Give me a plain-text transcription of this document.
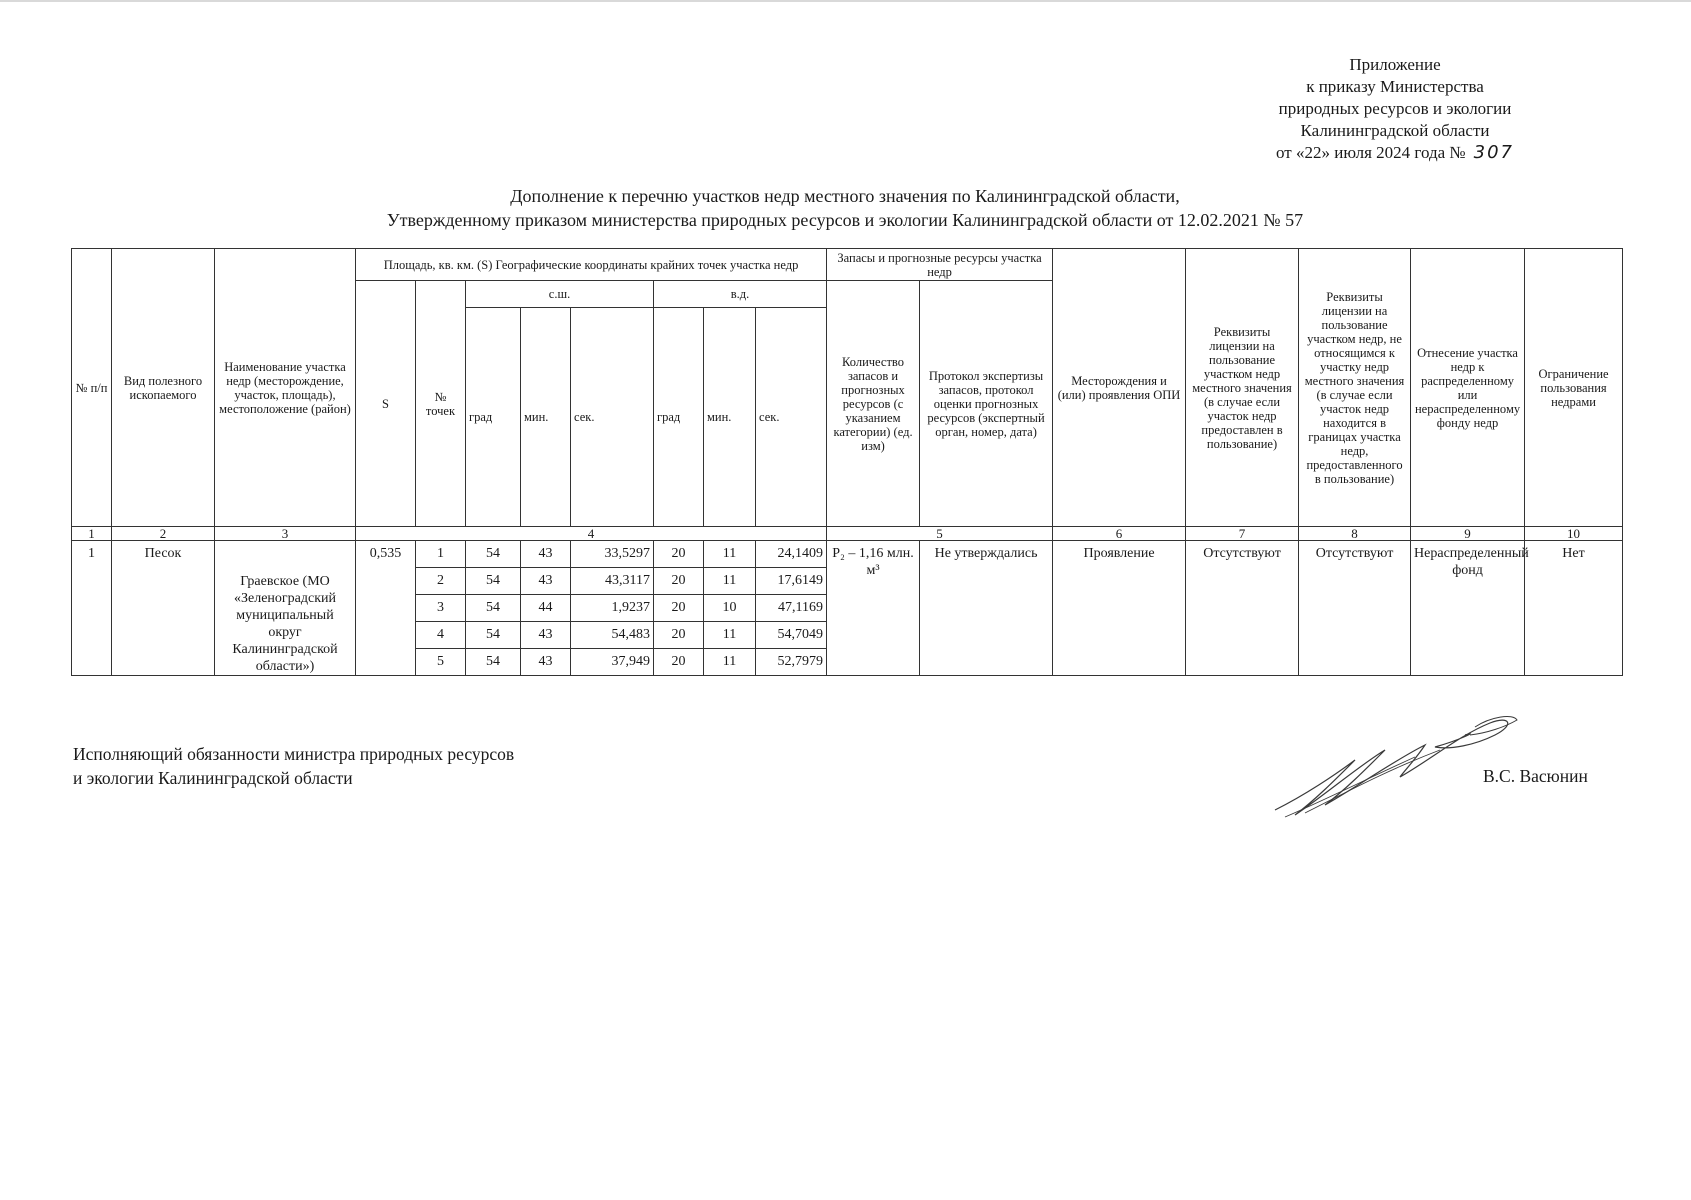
Приложение
к приказу Министерства
природных ресурсов и экологии
Калининградской области
от «22» июля 2024 года № 307
Дополнение к перечню участков недр местного значения по Калининградской области,
Утвержденному приказом министерства природных ресурсов и экологии Калининградской области от 12.02.2021 № 57
№ п/п	Вид полезного ископаемого	Наименование участка недр (месторождение, участок, площадь), местоположение (район)	Площадь, кв. км. (S) Географические координаты крайних точек участка недр								Запасы и прогнозные ресурсы участка недр		Месторождения и (или) проявления ОПИ	Реквизиты лицензии на пользование участком недр местного значения (в случае если участок недр предоставлен в пользование)	Реквизиты лицензии на пользование участком недр, не относящимся к участку недр местного значения (в случае если участок недр находится в границах участка недр, предоставленного в пользование)	Отнесение участка недр к распределенному или нераспределенному фонду недр	Ограничение пользования недрами
			S	№ точек	с.ш.			в.д.			Количество запасов и прогнозных ресурсов (с указанием категории) (ед. изм)	Протокол экспертизы запасов, протокол оценки прогнозных ресурсов (экспертный орган, номер, дата)					
					град	мин.	сек.	град	мин.	сек.							
1	2	3	4								5		6	7	8	9	10
1	Песок	Граевское (МО «Зеленоградский муниципальный округ Калининградской области»)	0,535	1	54	43	33,5297	20	11	24,1409	P₂ – 1,16 млн. м³	Не утверждались	Проявление	Отсутствуют	Отсутствуют	Нераспределенный фонд	Нет
				2	54	43	43,3117	20	11	17,6149							
				3	54	44	1,9237	20	10	47,1169							
				4	54	43	54,483	20	11	54,7049							
				5	54	43	37,949	20	11	52,7979							
Исполняющий обязанности министра природных ресурсов
и экологии Калининградской области	В.С. Васюнин
